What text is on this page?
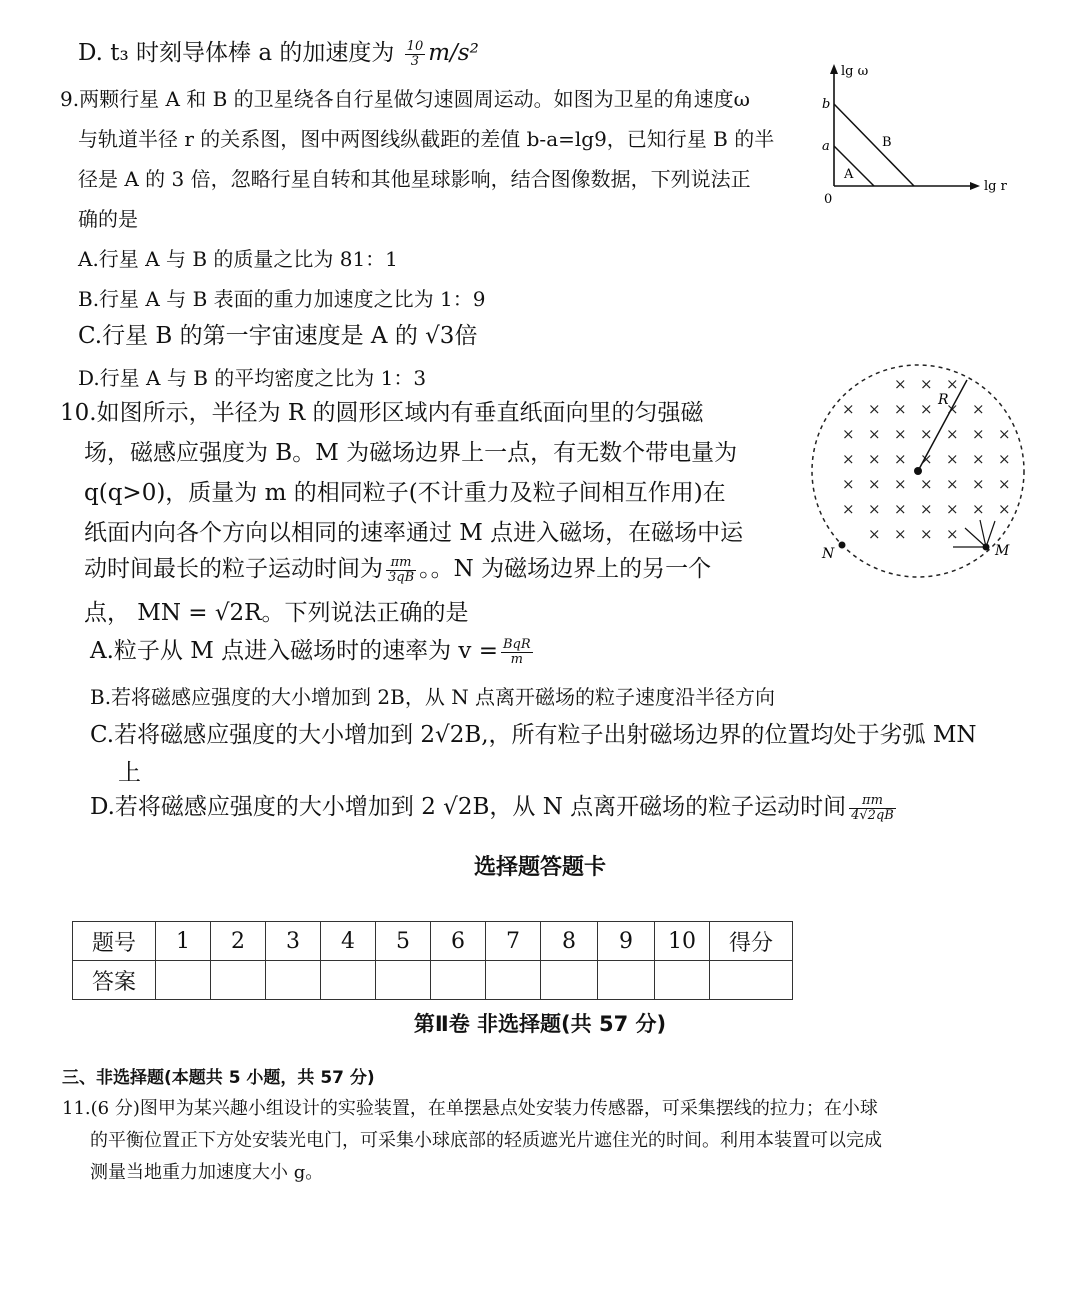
D. t₃ 时刻导体棒 a 的加速度为 $\frac{10}{3} m/s^2$
9.两颗行星 A 和 B 的卫星绕各自行星做匀速圆周运动。如图为卫星的角速度ω
与轨道半径 r 的关系图，图中两图线纵截距的差值 b-a=lg9，已知行星 B 的半
径是 A 的 3 倍，忽略行星自转和其他星球影响，结合图像数据，下列说法正
确的是
A.行星 A 与 B 的质量之比为 81：1
B.行星 A 与 B 表面的重力加速度之比为 1：9
C.行星 B 的第一宇宙速度是 A 的 √3倍
D.行星 A 与 B 的平均密度之比为 1：3
lg ω
lg r
0
b
a
A
B
10.如图所示，半径为 R 的圆形区域内有垂直纸面向里的匀强磁
场，磁感应强度为 B。M 为磁场边界上一点，有无数个带电量为
q(q>0)，质量为 m 的相同粒子(不计重力及粒子间相互作用)在
纸面内向各个方向以相同的速率通过 M 点进入磁场，在磁场中运
动时间最长的粒子运动时间为 $\frac{\pi m}{3qB}$ 。。N 为磁场边界上的另一个
点， MN = √2R。下列说法正确的是
A.粒子从 M 点进入磁场时的速率为 $v = \frac{\text{BqR}}{m}$
B.若将磁感应强度的大小增加到 2B，从 N 点离开磁场的粒子速度沿半径方向
C.若将磁感应强度的大小增加到 2√2B,，所有粒子出射磁场边界的位置均处于劣弧 MN
上
D.若将磁感应强度的大小增加到 2 √2B，从 N 点离开磁场的粒子运动时间 $\frac{\pi m}{4√2qB}$
× × ×
× × × × × ×
× × × × × × ×
× × × × × × ×
× × × × × × ×
× × × × × × ×
× × × ×
R
N	M
选择题答题卡
题号	1	2	3	4	5	6	7	8	9	10	得分
答案											
第Ⅱ卷 非选择题(共 57 分)
三、非选择题(本题共 5 小题，共 57 分)
11.(6 分)图甲为某兴趣小组设计的实验装置，在单摆悬点处安装力传感器，可采集摆线的拉力；在小球
的平衡位置正下方处安装光电门，可采集小球底部的轻质遮光片遮住光的时间。利用本装置可以完成
测量当地重力加速度大小 g。
